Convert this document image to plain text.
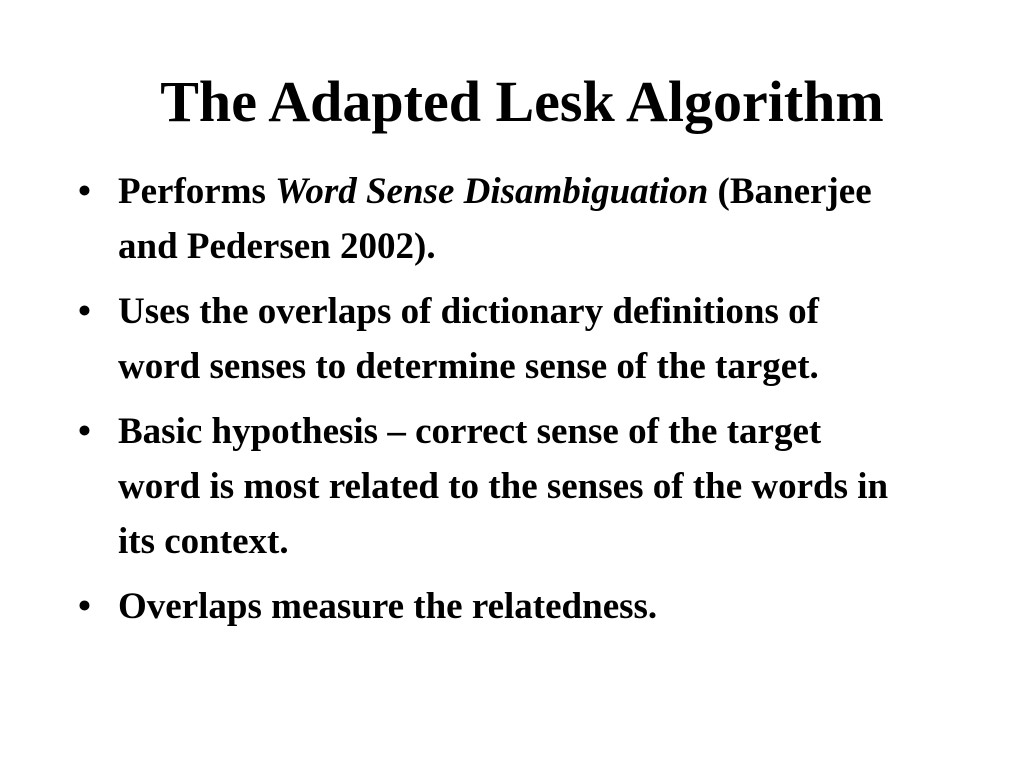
The Adapted Lesk Algorithm
• Performs Word Sense Disambiguation (Banerjee and Pedersen 2002).
• Uses the overlaps of dictionary definitions of word senses to determine sense of the target.
• Basic hypothesis – correct sense of the target word is most related to the senses of the words in its context.
• Overlaps measure the relatedness.
